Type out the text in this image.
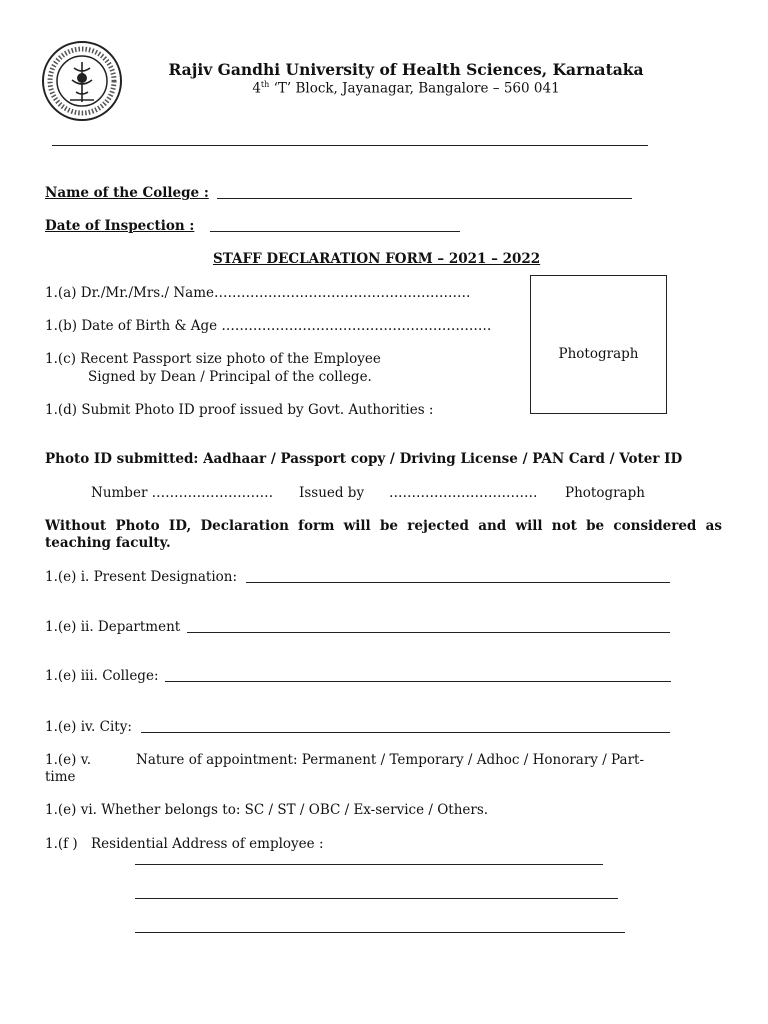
Rajiv Gandhi University of Health Sciences, Karnataka
4th ‘T’ Block, Jayanagar, Bangalore – 560 041
Name of the College :
Date of Inspection :
STAFF DECLARATION FORM – 2021 – 2022
1.(a) Dr./Mr./Mrs./ Name…………………………………………………
1.(b) Date of Birth & Age ……………………………………………………
1.(c) Recent Passport size photo of the Employee
Signed by Dean / Principal of the college.
1.(d) Submit Photo ID proof issued by Govt. Authorities :
Photograph
Photo ID submitted: Aadhaar / Passport copy / Driving License / PAN Card / Voter ID
Number ……………………… Issued by …………………………… Photograph
Without Photo ID, Declaration form will be rejected and will not be considered as teaching faculty.
1.(e) i. Present Designation:
1.(e) ii. Department
1.(e) iii. College:
1.(e) iv. City:
1.(e) v.	Nature of appointment: Permanent / Temporary / Adhoc / Honorary / Part-
time
1.(e) vi. Whether belongs to: SC / ST / OBC / Ex-service / Others.
1.(f ) Residential Address of employee :
